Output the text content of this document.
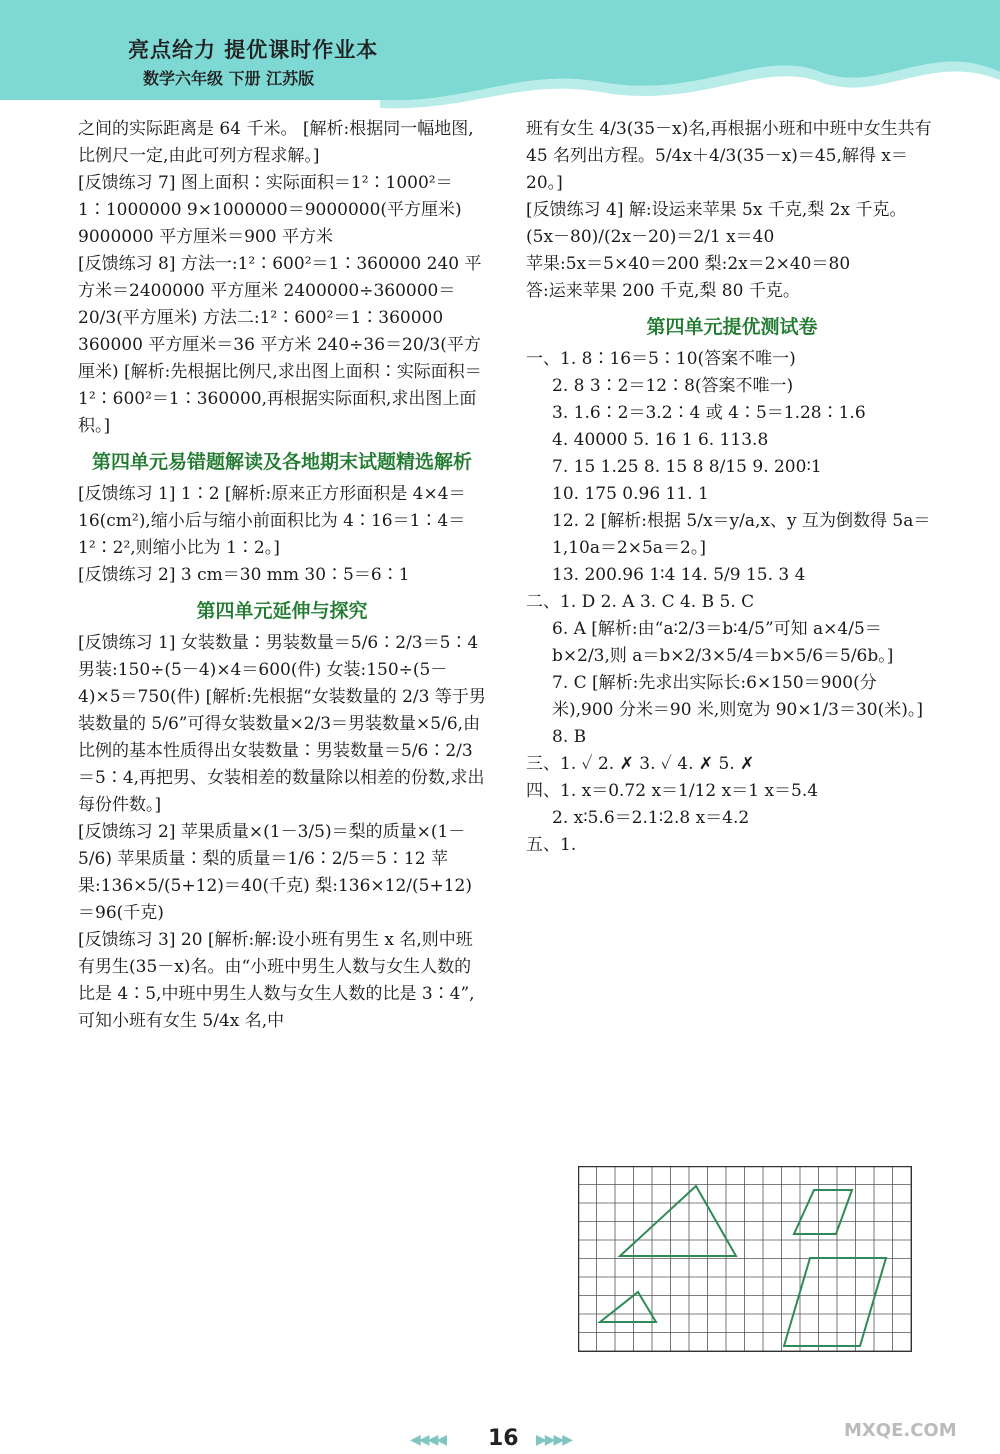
亮点给力 提优课时作业本
数学六年级 下册 江苏版

之间的实际距离是 64 千米。 [解析:根据同一幅地图,比例尺一定,由此可列方程求解。]

[反馈练习 7] 图上面积∶实际面积＝1²∶1000²＝1∶1000000 9×1000000＝9000000(平方厘米) 9000000 平方厘米＝900 平方米

[反馈练习 8] 方法一:1²∶600²＝1∶360000 240 平方米＝2400000 平方厘米 2400000÷360000＝20/3(平方厘米) 方法二:1²∶600²＝1∶360000 360000 平方厘米＝36 平方米 240÷36＝20/3(平方厘米) [解析:先根据比例尺,求出图上面积∶实际面积＝1²∶600²＝1∶360000,再根据实际面积,求出图上面积。]

第四单元易错题解读及各地期末试题精选解析

[反馈练习 1] 1∶2 [解析:原来正方形面积是 4×4＝16(cm²),缩小后与缩小前面积比为 4∶16＝1∶4＝1²∶2²,则缩小比为 1∶2。]

[反馈练习 2] 3 cm＝30 mm 30∶5＝6∶1

第四单元延伸与探究

[反馈练习 1] 女装数量∶男装数量＝5/6∶2/3＝5∶4 男装:150÷(5－4)×4＝600(件) 女装:150÷(5－4)×5＝750(件) [解析:先根据“女装数量的 2/3 等于男装数量的 5/6”可得女装数量×2/3＝男装数量×5/6,由比例的基本性质得出女装数量∶男装数量＝5/6∶2/3＝5∶4,再把男、女装相差的数量除以相差的份数,求出每份件数。]

[反馈练习 2] 苹果质量×(1－3/5)＝梨的质量×(1－5/6) 苹果质量∶梨的质量＝1/6∶2/5＝5∶12 苹果:136×5/(5+12)＝40(千克) 梨:136×12/(5+12)＝96(千克)

[反馈练习 3] 20 [解析:解:设小班有男生 x 名,则中班有男生(35－x)名。由“小班中男生人数与女生人数的比是 4∶5,中班中男生人数与女生人数的比是 3∶4”,可知小班有女生 5/4x 名,中

班有女生 4/3(35－x)名,再根据小班和中班中女生共有 45 名列出方程。5/4x＋4/3(35－x)＝45,解得 x＝20。]

[反馈练习 4] 解:设运来苹果 5x 千克,梨 2x 千克。 (5x－80)/(2x－20)＝2/1 x＝40

苹果:5x＝5×40＝200 梨:2x＝2×40＝80

答:运来苹果 200 千克,梨 80 千克。

第四单元提优测试卷

一、1. 8∶16＝5∶10(答案不唯一)

2. 8 3∶2＝12∶8(答案不唯一)

3. 1.6∶2＝3.2∶4 或 4∶5＝1.28∶1.6

4. 40000 5. 16 1 6. 113.8

7. 15 1.25 8. 15 8 8/15 9. 200∶1

10. 175 0.96 11. 1

12. 2 [解析:根据 5/x＝y/a,x、y 互为倒数得 5a＝1,10a＝2×5a＝2。]

13. 200.96 1∶4 14. 5/9 15. 3 4

二、1. D 2. A 3. C 4. B 5. C

6. A [解析:由“a∶2/3＝b∶4/5”可知 a×4/5＝b×2/3,则 a＝b×2/3×5/4＝b×5/6＝5/6b。]

7. C [解析:先求出实际长:6×150＝900(分米),900 分米＝90 米,则宽为 90×1/3＝30(米)。]

8. B

三、1. ✓ 2. ✗ 3. ✓ 4. ✗ 5. ✗

四、1. x＝0.72 x＝1/12 x＝1 x＝5.4

2. x∶5.6＝2.1∶2.8 x＝4.2

五、1.

◀◀◀◀ 16 ▶▶▶▶	MXQE.COM
